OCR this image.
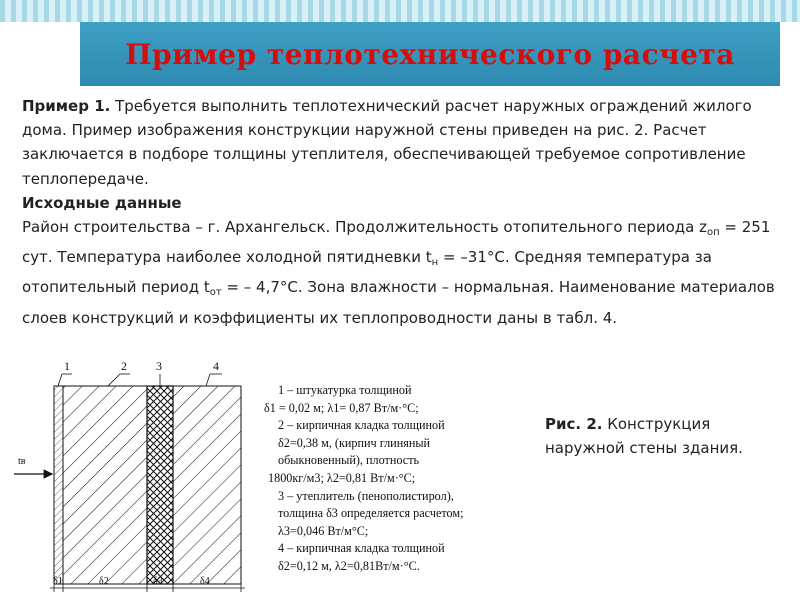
Пример теплотехнического расчета

Пример 1. Требуется выполнить теплотехнический расчет наружных ограждений жилого дома. Пример изображения конструкции наружной стены приведен на рис. 2. Расчет заключается в подборе толщины утеплителя, обеспечивающей требуемое сопротивление теплопередаче.

Исходные данные

Район строительства – г. Архангельск. Продолжительность отопительного периода $z_{оп} = 251$ сут. Температура наиболее холодной пятидневки $t_н = -31^\circ С$. Средняя температура за отопительный период $t_{от}$ = – 4,7°С. Зона влажности – нормальная. Наименование материалов слоев конструкций и коэффициенты их теплопроводности даны в табл. 4.

1	2 3	4
tв
δ1	δ2	δ3	δ4
1 – штукатурка толщиной
δ1 = 0,02 м; λ1= 0,87 Вт/м·°С;
2 – кирпичная кладка толщиной
δ2=0,38 м, (кирпич глиняный
обыкновенный), плотность
1800кг/м3; λ2=0,81 Вт/м·°С;
3 – утеплитель (пенополистирол),
толщина δ3 определяется расчетом;
λ3=0,046 Вт/м°С;
4 – кирпичная кладка толщиной
δ2=0,12 м, λ2=0,81Вт/м·°С.
Рис. 2. Конструкция наружной стены здания.
